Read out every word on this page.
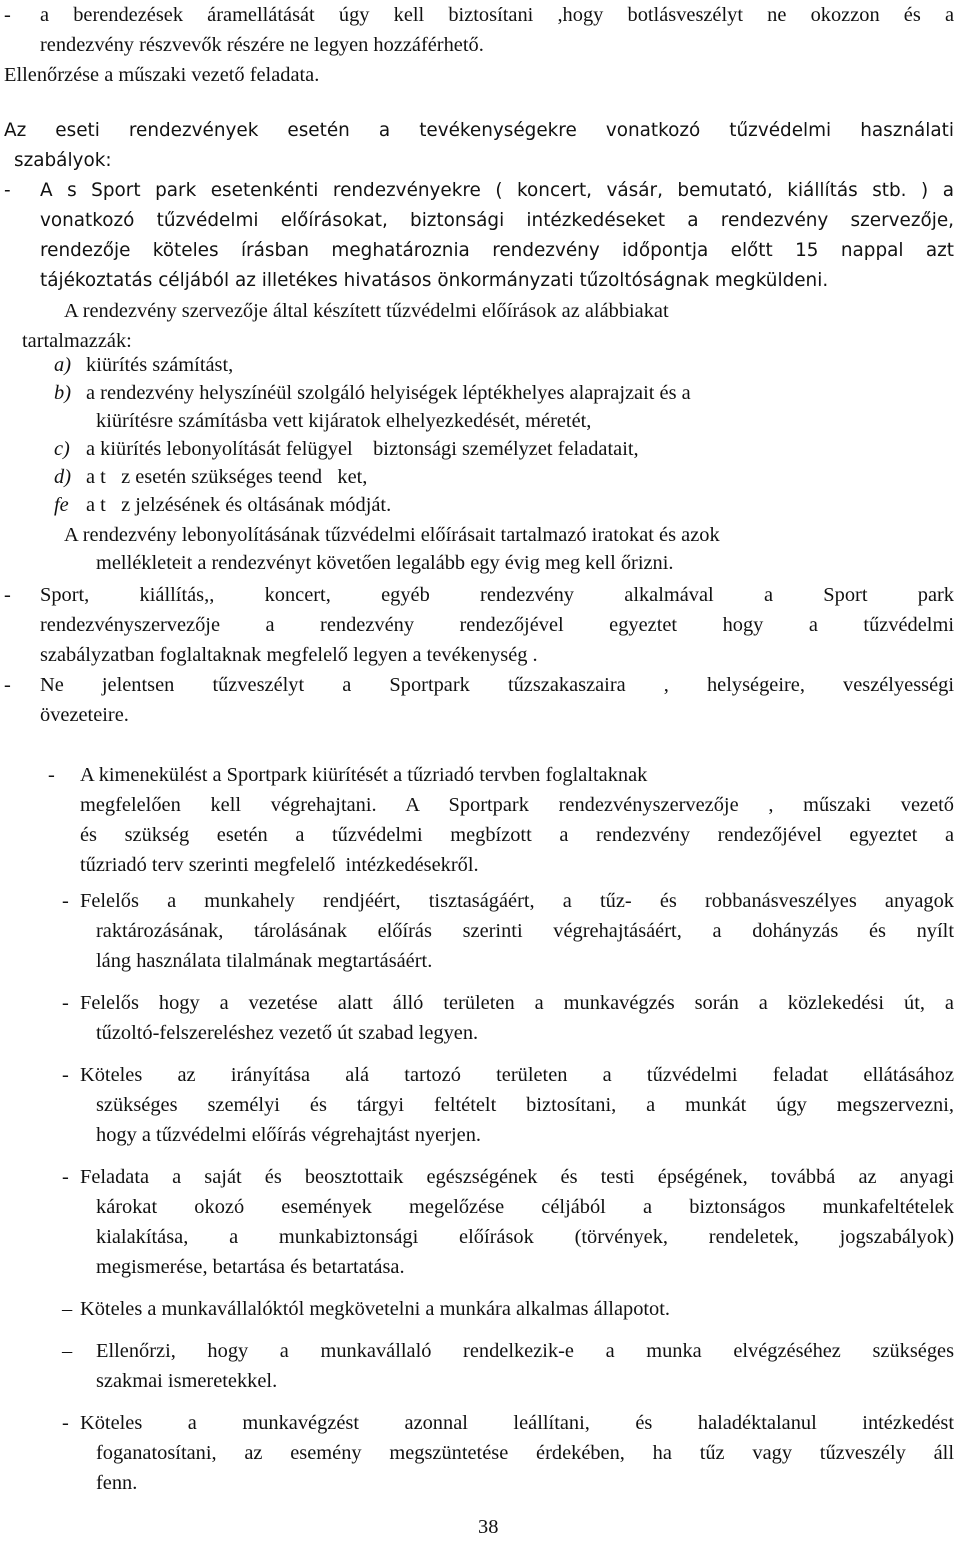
- a berendezések áramellátását úgy kell biztosítani ,hogy botlásveszélyt ne okozzon és a
rendezvény részvevők részére ne legyen hozzáférhető.
Ellenőrzése a műszaki vezető feladata.
Az eseti rendezvények esetén a tevékenységekre vonatkozó tűzvédelmi használati
szabályok:
- A s Sport park esetenkénti rendezvényekre ( koncert, vásár, bemutató, kiállítás stb. ) a
vonatkozó tűzvédelmi előírásokat, biztonsági intézkedéseket a rendezvény szervezője,
rendezője köteles írásban meghatároznia rendezvény időpontja előtt 15 nappal azt
tájékoztatás céljából az illetékes hivatásos önkormányzati tűzoltóságnak megküldeni.
A rendezvény szervezője által készített tűzvédelmi előírások az alábbiakat
tartalmazzák:
a) kiürítés számítást,
b) a rendezvény helyszínéül szolgáló helyiségek léptékhelyes alaprajzait és a
kiürítésre számításba vett kijáratok elhelyezkedését, méretét,
c) a kiürítés lebonyolítását felügyel    biztonsági személyzet feladatait,
d) a t   z esetén szükséges teend   ket,
fe a t   z jelzésének és oltásának módját.
A rendezvény lebonyolításának tűzvédelmi előírásait tartalmazó iratokat és azok
mellékleteit a rendezvényt követően legalább egy évig meg kell őrizni.
- Sport,  kiállítás,,  koncert,  egyéb  rendezvény  alkalmával  a  Sport  park
rendezvényszervezője  a  rendezvény  rendezőjével  egyeztet  hogy  a  tűzvédelmi
szabályzatban foglaltaknak megfelelő legyen a tevékenység .
- Ne jelentsen tűzveszélyt a Sportpark tűzszakaszaira , helységeire, veszélyességi
övezeteire.
- A kimenekülést a Sportpark kiürítését a tűzriadó tervben foglaltaknak
megfelelően kell végrehajtani. A Sportpark rendezvényszervezője , műszaki vezető
és szükség esetén a tűzvédelmi megbízott a rendezvény rendezőjével egyeztet a
tűzriadó terv szerinti megfelelő  intézkedésekről.
- Felelős a munkahely rendjéért, tisztaságáért, a tűz- és robbanásveszélyes anyagok
raktározásának, tárolásának előírás szerinti végrehajtásáért, a dohányzás és nyílt
láng használata tilalmának megtartásáért.
- Felelős hogy a vezetése alatt álló területen a munkavégzés során a közlekedési út, a
tűzoltó-felszereléshez vezető út szabad legyen.
- Köteles az irányítása alá tartozó területen a tűzvédelmi feladat ellátásához
szükséges személyi és tárgyi feltételt biztosítani, a munkát úgy megszervezni,
hogy a tűzvédelmi előírás végrehajtást nyerjen.
- Feladata a saját és beosztottaik egészségének és testi épségének, továbbá az anyagi
károkat okozó események megelőzése céljából a biztonságos munkafeltételek
kialakítása, a munkabiztonsági előírások (törvények, rendeletek, jogszabályok)
megismerése, betartása és betartatása.
– Köteles a munkavállalóktól megkövetelni a munkára alkalmas állapotot.
– Ellenőrzi, hogy a munkavállaló rendelkezik-e a munka elvégzéséhez szükséges
szakmai ismeretekkel.
- Köteles a munkavégzést azonnal leállítani, és haladéktalanul intézkedést
foganatosítani, az esemény megszüntetése érdekében, ha tűz vagy tűzveszély áll
fenn.
38
